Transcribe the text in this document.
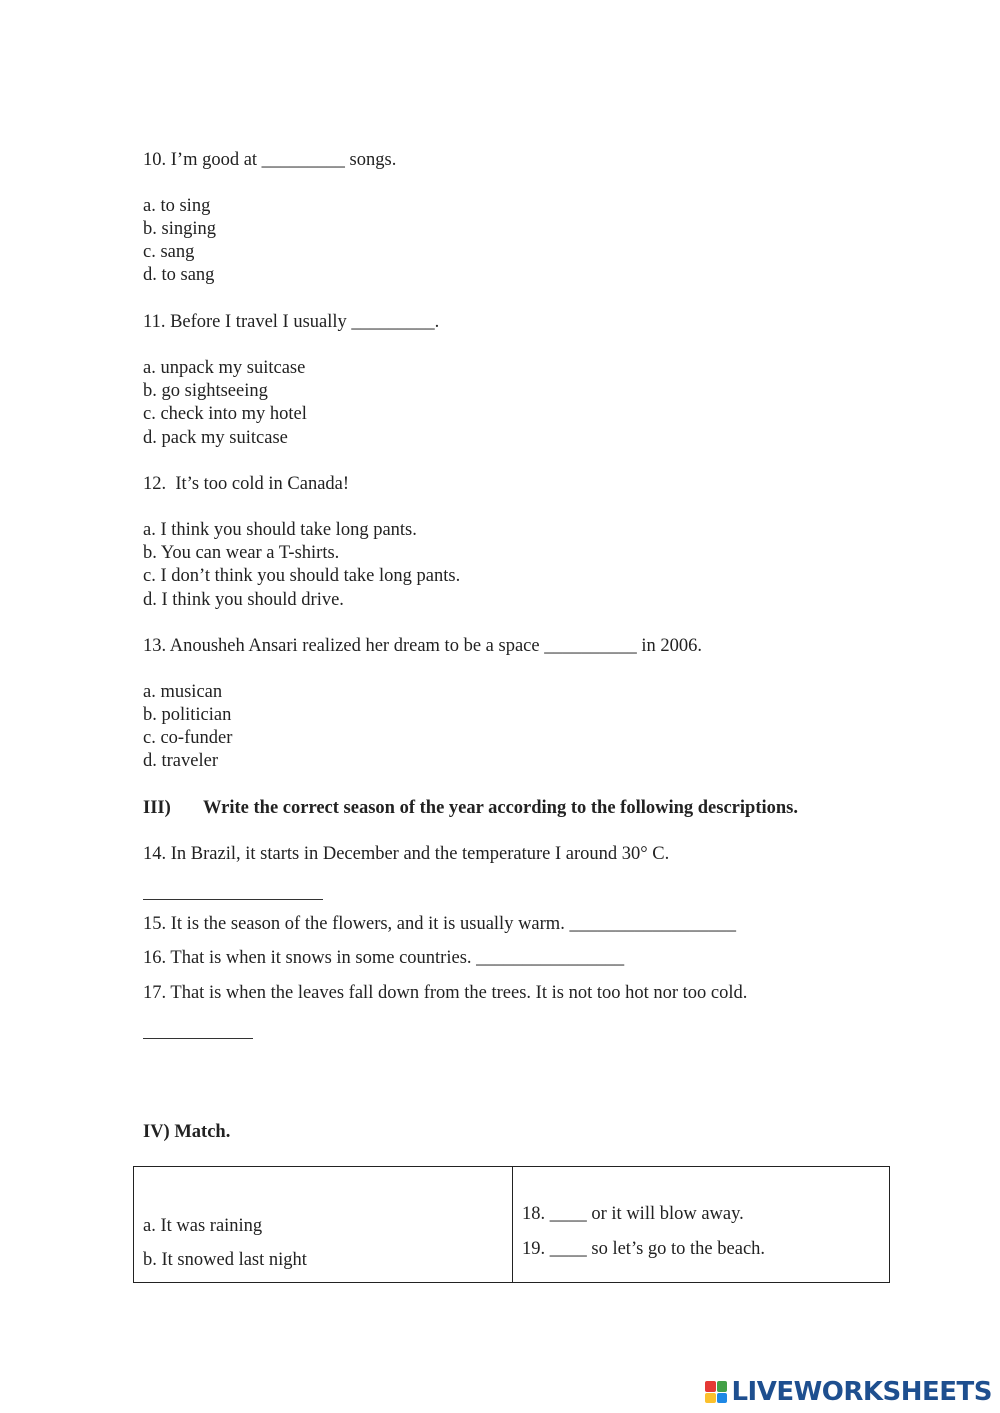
10. I’m good at _________ songs.
a. to sing
b. singing
c. sang
d. to sang
11. Before I travel I usually _________.
a. unpack my suitcase
b. go sightseeing
c. check into my hotel
d. pack my suitcase
12.  It’s too cold in Canada!
a. I think you should take long pants.
b. You can wear a T-shirts.
c. I don’t think you should take long pants.
d. I think you should drive.
13. Anousheh Ansari realized her dream to be a space __________ in 2006.
a. musican
b. politician
c. co-funder
d. traveler
III) Write the correct season of the year according to the following descriptions.
14. In Brazil, it starts in December and the temperature I around 30° C.
15. It is the season of the flowers, and it is usually warm. __________________
16. That is when it snows in some countries. ________________
17. That is when the leaves fall down from the trees. It is not too hot nor too cold.
IV) Match.
a. It was raining
b. It snowed last night
18. ____ or it will blow away.
19. ____ so let’s go to the beach.
LIVEWORKSHEETS
